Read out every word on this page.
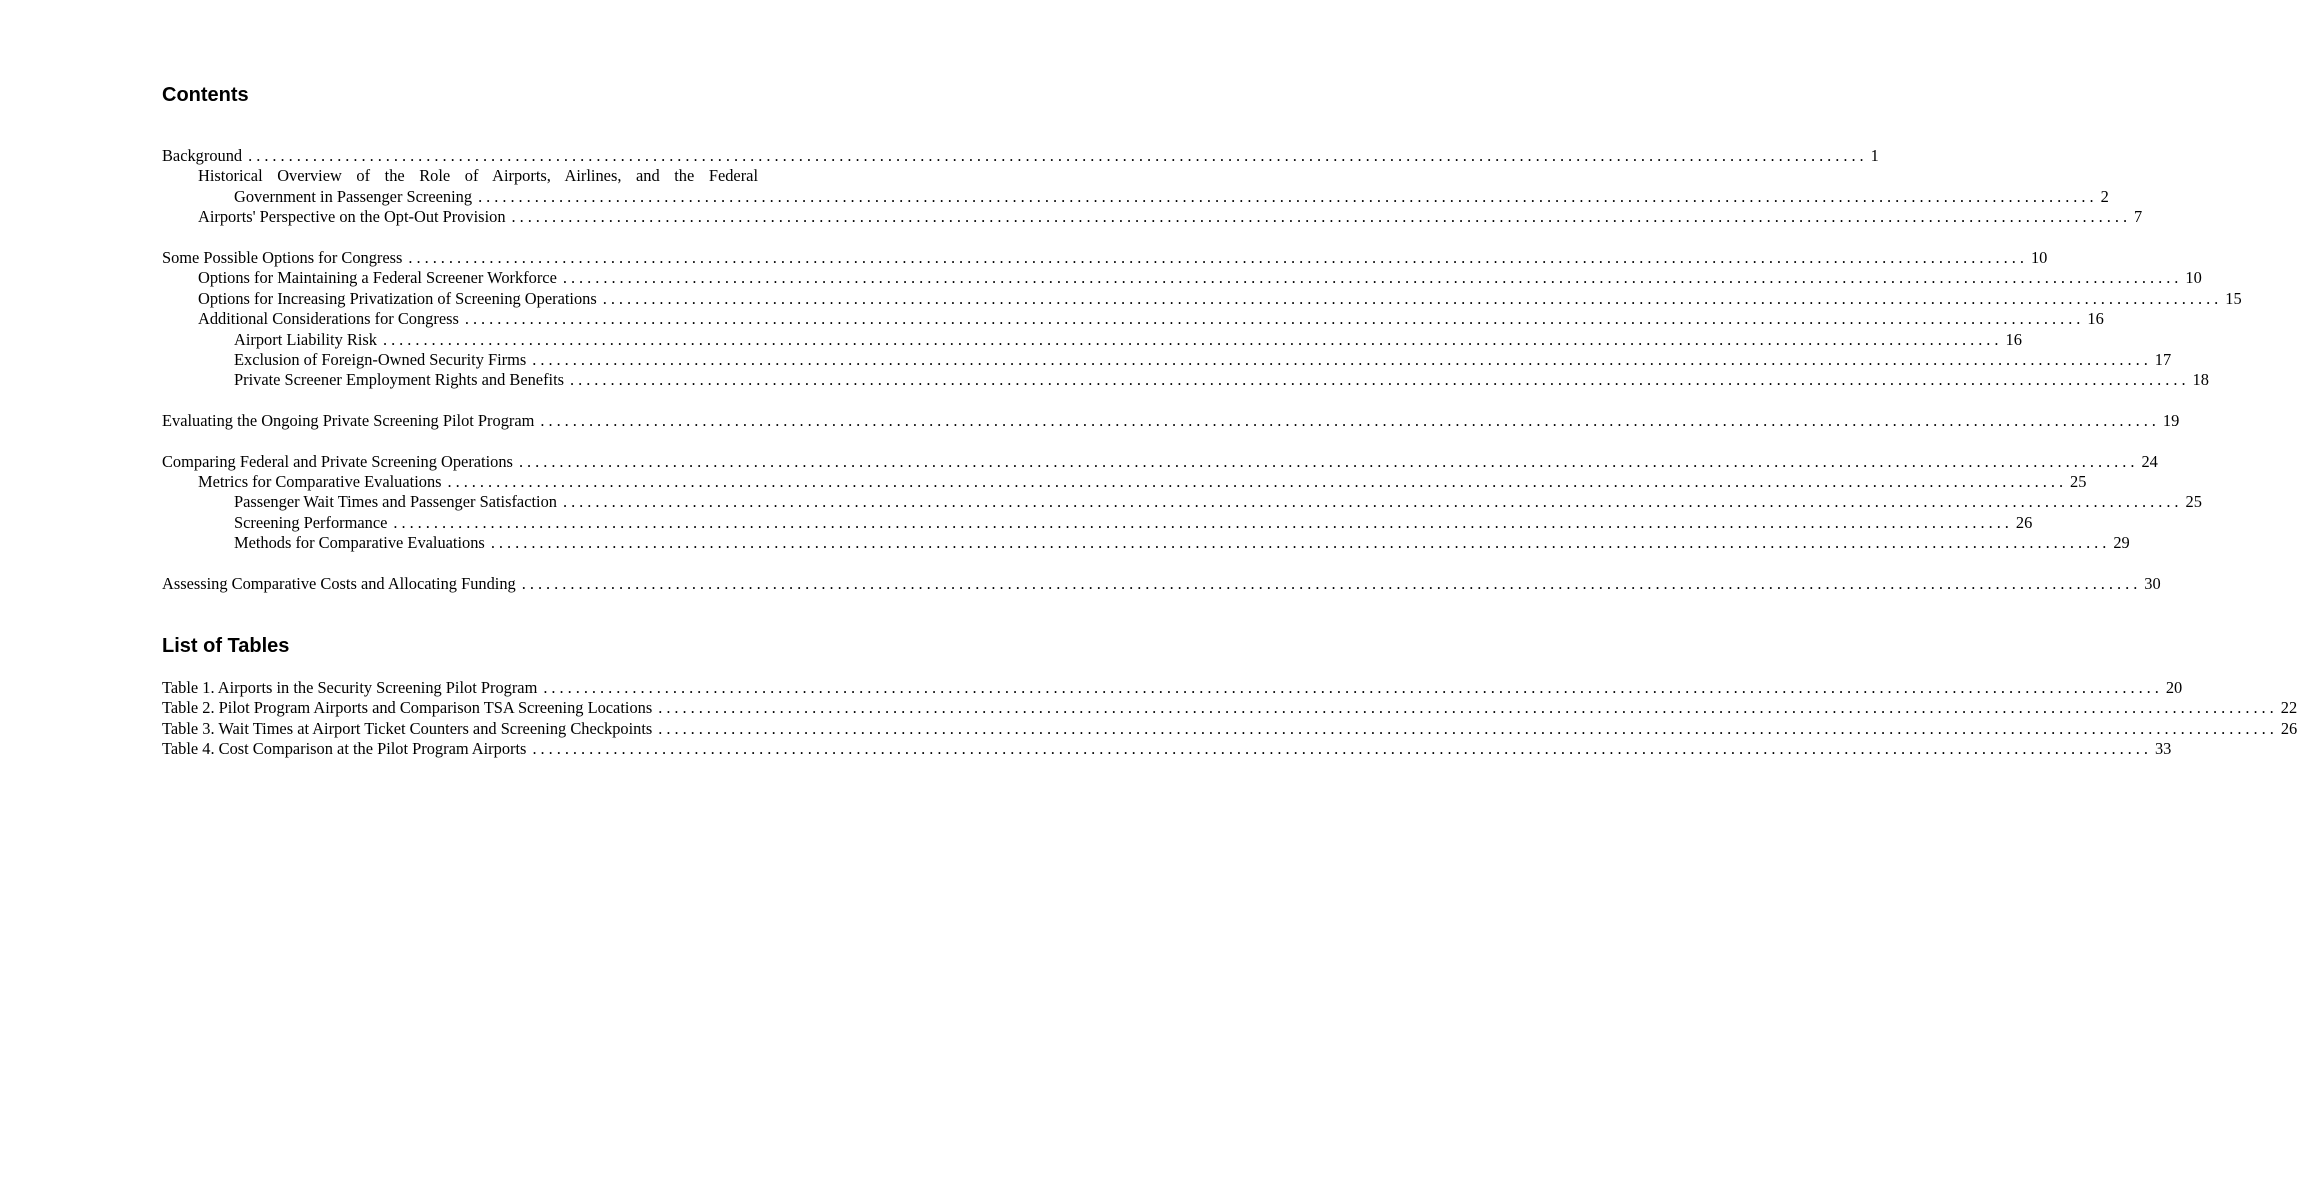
Contents
Background ........................................................................................................................................................................................................ 1
Historical Overview of the Role of Airports, Airlines, and the Federal
Government in Passenger Screening ........................................................................................................................................................................................................ 2
Airports' Perspective on the Opt-Out Provision ........................................................................................................................................................................................................ 7
Some Possible Options for Congress ........................................................................................................................................................................................................ 10
Options for Maintaining a Federal Screener Workforce ........................................................................................................................................................................................................ 10
Options for Increasing Privatization of Screening Operations ........................................................................................................................................................................................................ 15
Additional Considerations for Congress ........................................................................................................................................................................................................ 16
Airport Liability Risk ........................................................................................................................................................................................................ 16
Exclusion of Foreign-Owned Security Firms ........................................................................................................................................................................................................ 17
Private Screener Employment Rights and Benefits ........................................................................................................................................................................................................ 18
Evaluating the Ongoing Private Screening Pilot Program ........................................................................................................................................................................................................ 19
Comparing Federal and Private Screening Operations ........................................................................................................................................................................................................ 24
Metrics for Comparative Evaluations ........................................................................................................................................................................................................ 25
Passenger Wait Times and Passenger Satisfaction ........................................................................................................................................................................................................ 25
Screening Performance ........................................................................................................................................................................................................ 26
Methods for Comparative Evaluations ........................................................................................................................................................................................................ 29
Assessing Comparative Costs and Allocating Funding ........................................................................................................................................................................................................ 30
List of Tables
Table 1. Airports in the Security Screening Pilot Program ........................................................................................................................................................................................................ 20
Table 2. Pilot Program Airports and Comparison TSA Screening Locations ........................................................................................................................................................................................................ 22
Table 3. Wait Times at Airport Ticket Counters and Screening Checkpoints ........................................................................................................................................................................................................ 26
Table 4. Cost Comparison at the Pilot Program Airports ........................................................................................................................................................................................................ 33
